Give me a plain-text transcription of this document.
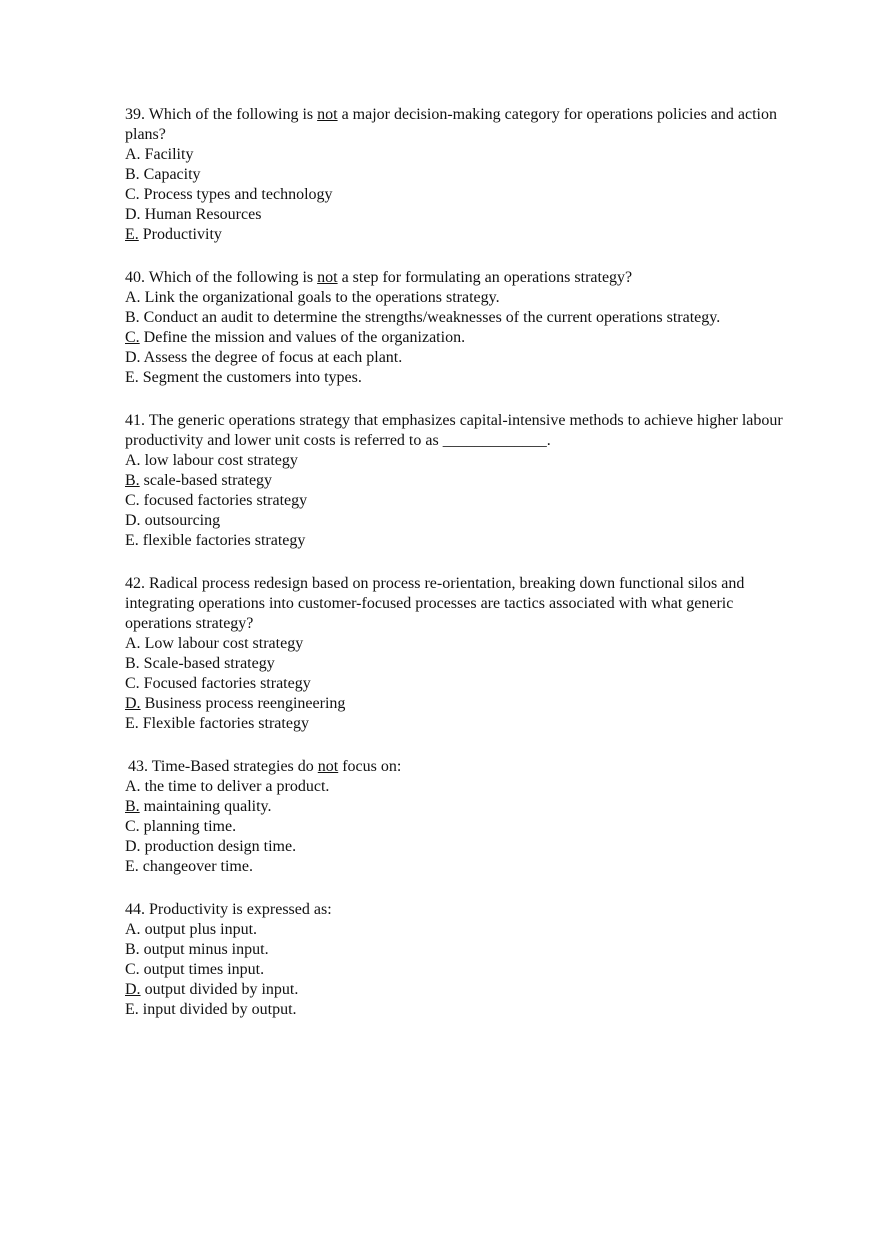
39. Which of the following is not a major decision-making category for operations policies and action plans?

A. Facility

B. Capacity

C. Process types and technology

D. Human Resources

E. Productivity

40. Which of the following is not a step for formulating an operations strategy?

A. Link the organizational goals to the operations strategy.

B. Conduct an audit to determine the strengths/weaknesses of the current operations strategy.

C. Define the mission and values of the organization.

D. Assess the degree of focus at each plant.

E. Segment the customers into types.

41. The generic operations strategy that emphasizes capital-intensive methods to achieve higher labour productivity and lower unit costs is referred to as _____________.

A. low labour cost strategy

B. scale-based strategy

C. focused factories strategy

D. outsourcing

E. flexible factories strategy

42. Radical process redesign based on process re-orientation, breaking down functional silos and integrating operations into customer-focused processes are tactics associated with what generic operations strategy?

A. Low labour cost strategy

B. Scale-based strategy

C. Focused factories strategy

D. Business process reengineering

E. Flexible factories strategy

43. Time-Based strategies do not focus on:

A. the time to deliver a product.

B. maintaining quality.

C. planning time.

D. production design time.

E. changeover time.

44. Productivity is expressed as:

A. output plus input.

B. output minus input.

C. output times input.

D. output divided by input.

E. input divided by output.
